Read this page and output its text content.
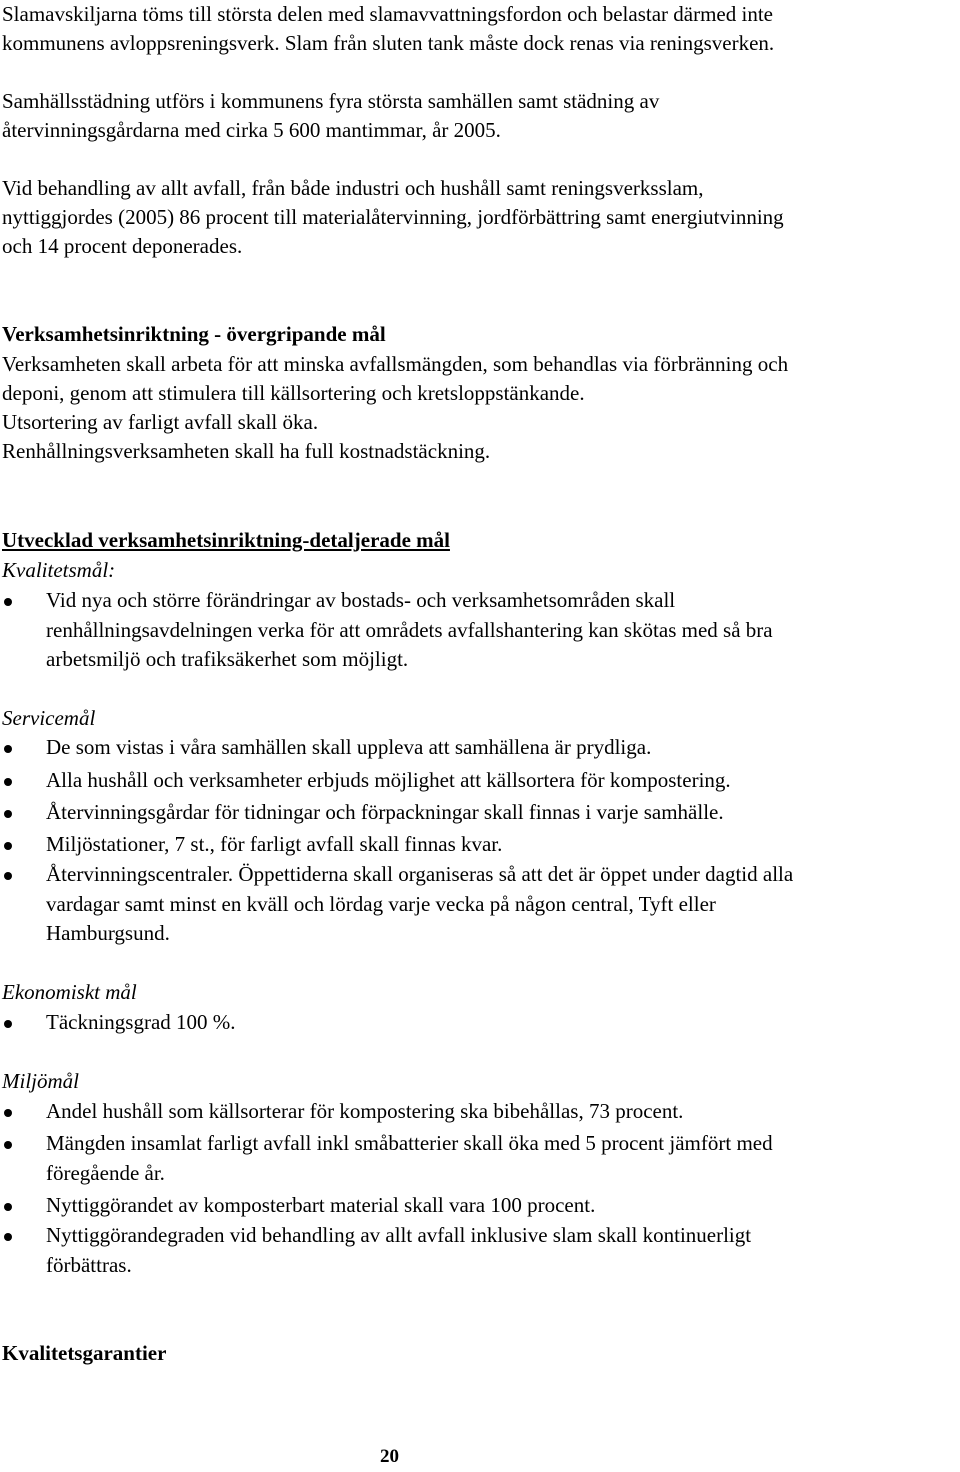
Slamavskiljarna töms till största delen med slamavvattningsfordon och belastar därmed inte
kommunens avloppsreningsverk. Slam från sluten tank måste dock renas via reningsverken.
Samhällsstädning utförs i kommunens fyra största samhällen samt städning av
återvinningsgårdarna med cirka 5 600 mantimmar, år 2005.
Vid behandling av allt avfall, från både industri och hushåll samt reningsverksslam,
nyttiggjordes (2005) 86 procent till materialåtervinning, jordförbättring samt energiutvinning
och 14 procent deponerades.
Verksamhetsinriktning - övergripande mål
Verksamheten skall arbeta för att minska avfallsmängden, som behandlas via förbränning och
deponi, genom att stimulera till källsortering och kretsloppstänkande.
Utsortering av farligt avfall skall öka.
Renhållningsverksamheten skall ha full kostnadstäckning.
Utvecklad verksamhetsinriktning-detaljerade mål
Kvalitetsmål:
Vid nya och större förändringar av bostads- och verksamhetsområden skall
renhållningsavdelningen verka för att områdets avfallshantering kan skötas med så bra
arbetsmiljö och trafiksäkerhet som möjligt.
Servicemål
De som vistas i våra samhällen skall uppleva att samhällena är prydliga.
Alla hushåll och verksamheter erbjuds möjlighet att källsortera för kompostering.
Återvinningsgårdar för tidningar och förpackningar skall finnas i varje samhälle.
Miljöstationer, 7 st., för farligt avfall skall finnas kvar.
Återvinningscentraler. Öppettiderna skall organiseras så att det är öppet under dagtid alla
vardagar samt minst en kväll och lördag varje vecka på någon central, Tyft eller
Hamburgsund.
Ekonomiskt mål
Täckningsgrad 100 %.
Miljömål
Andel hushåll som källsorterar för kompostering ska bibehållas, 73 procent.
Mängden insamlat farligt avfall inkl småbatterier skall öka med 5 procent jämfört med
föregående år.
Nyttiggörandet av komposterbart material skall vara 100 procent.
Nyttiggörandegraden vid behandling av allt avfall inklusive slam skall kontinuerligt
förbättras.
Kvalitetsgarantier
20
